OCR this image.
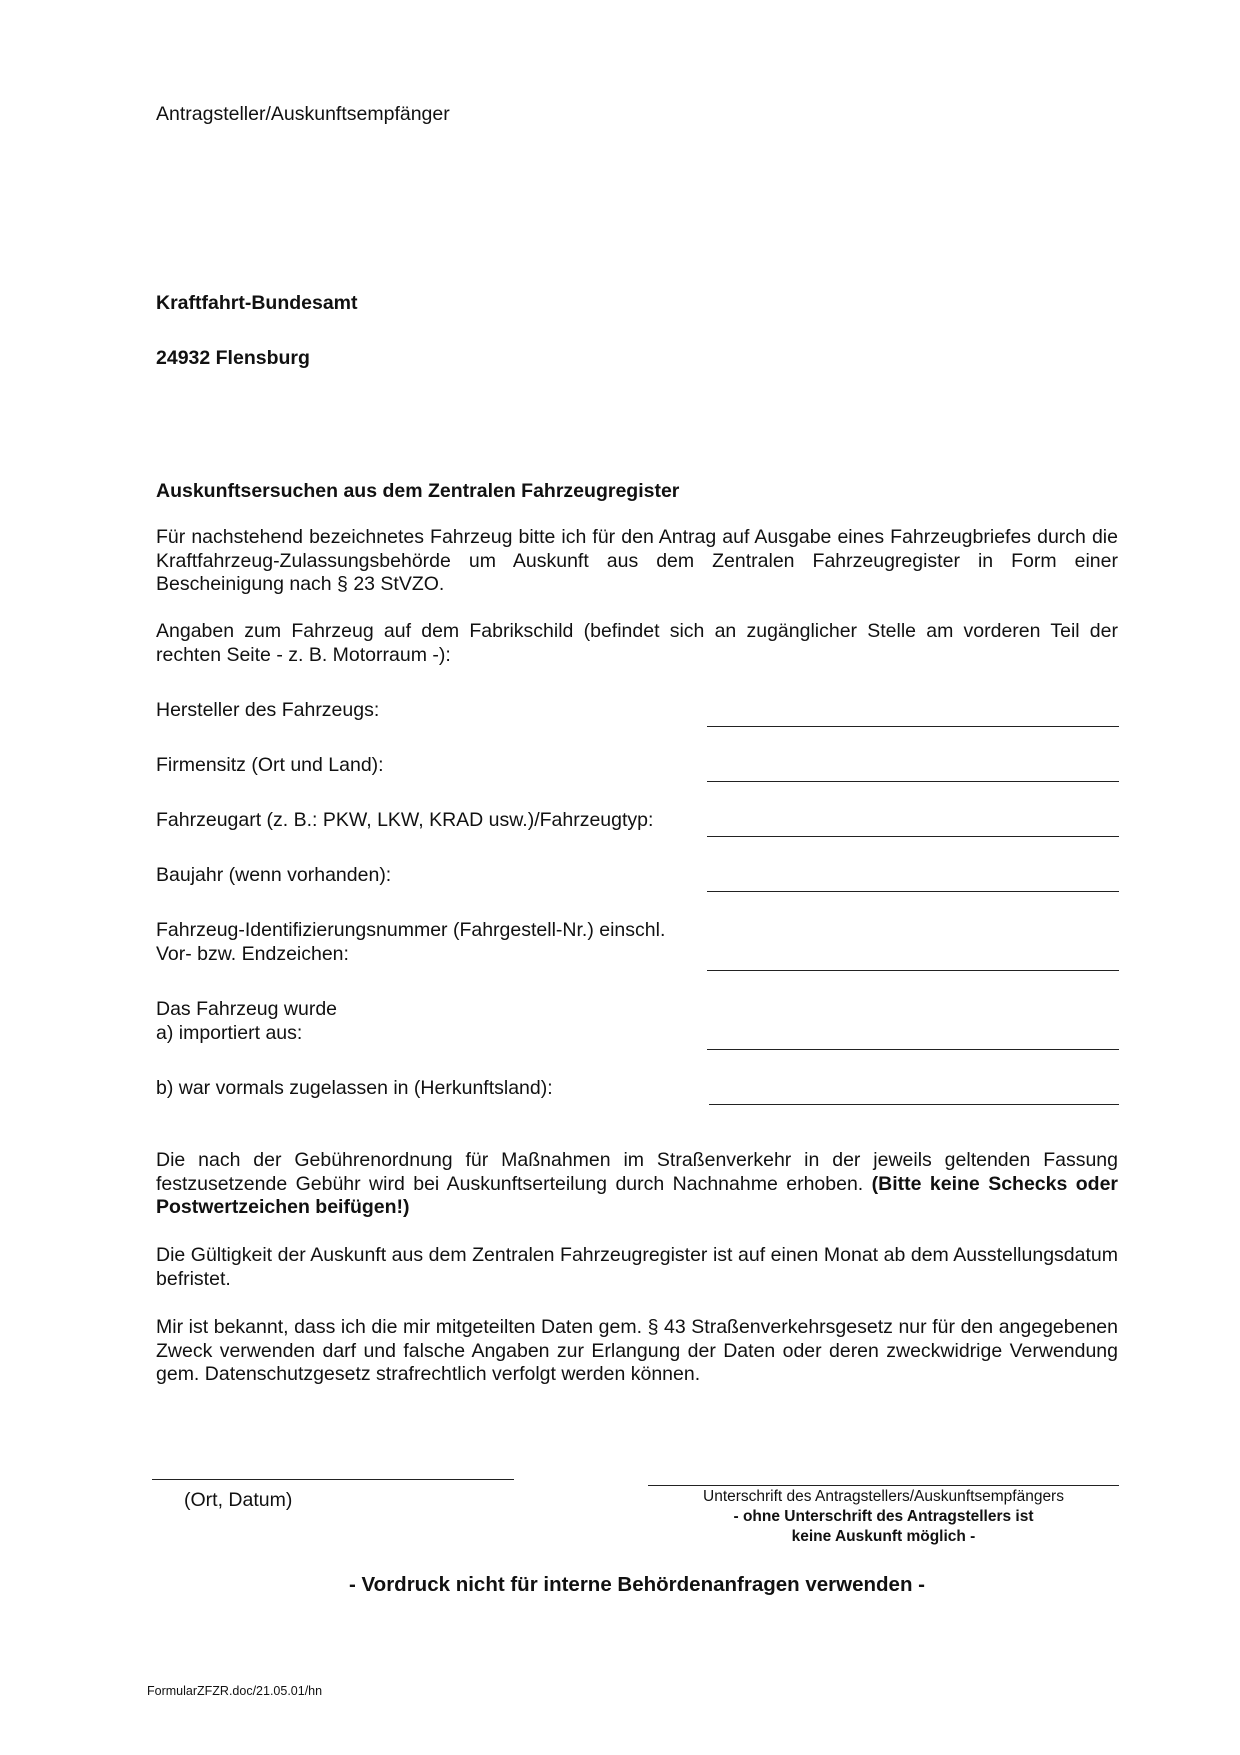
Antragsteller/Auskunftsempfänger
Kraftfahrt-Bundesamt
24932 Flensburg
Auskunftsersuchen aus dem Zentralen Fahrzeugregister
Für nachstehend bezeichnetes Fahrzeug bitte ich für den Antrag auf Ausgabe eines Fahrzeugbriefes durch die Kraftfahrzeug-Zulassungsbehörde um Auskunft aus dem Zentralen Fahrzeugregister in Form einer Bescheinigung nach § 23 StVZO.
Angaben zum Fahrzeug auf dem Fabrikschild (befindet sich an zugänglicher Stelle am vorderen Teil der rechten Seite - z. B. Motorraum -):
Hersteller des Fahrzeugs:
Firmensitz (Ort und Land):
Fahrzeugart (z. B.: PKW, LKW, KRAD usw.)/Fahrzeugtyp:
Baujahr (wenn vorhanden):
Fahrzeug-Identifizierungsnummer (Fahrgestell-Nr.) einschl.
Vor- bzw. Endzeichen:
Das Fahrzeug wurde
a) importiert aus:
b) war vormals zugelassen in (Herkunftsland):
Die nach der Gebührenordnung für Maßnahmen im Straßenverkehr in der jeweils geltenden Fassung festzusetzende Gebühr wird bei Auskunftserteilung durch Nachnahme erhoben. (Bitte keine Schecks oder Postwertzeichen beifügen!)
Die Gültigkeit der Auskunft aus dem Zentralen Fahrzeugregister ist auf einen Monat ab dem Ausstellungsdatum befristet.
Mir ist bekannt, dass ich die mir mitgeteilten Daten gem. § 43 Straßenverkehrsgesetz nur für den angegebenen Zweck verwenden darf und falsche Angaben zur Erlangung der Daten oder deren zweckwidrige Verwendung gem. Datenschutzgesetz strafrechtlich verfolgt werden können.
(Ort, Datum)	Unterschrift des Antragstellers/Auskunftsempfängers
- ohne Unterschrift des Antragstellers ist
keine Auskunft möglich -
- Vordruck nicht für interne Behördenanfragen verwenden -
FormularZFZR.doc/21.05.01/hn
